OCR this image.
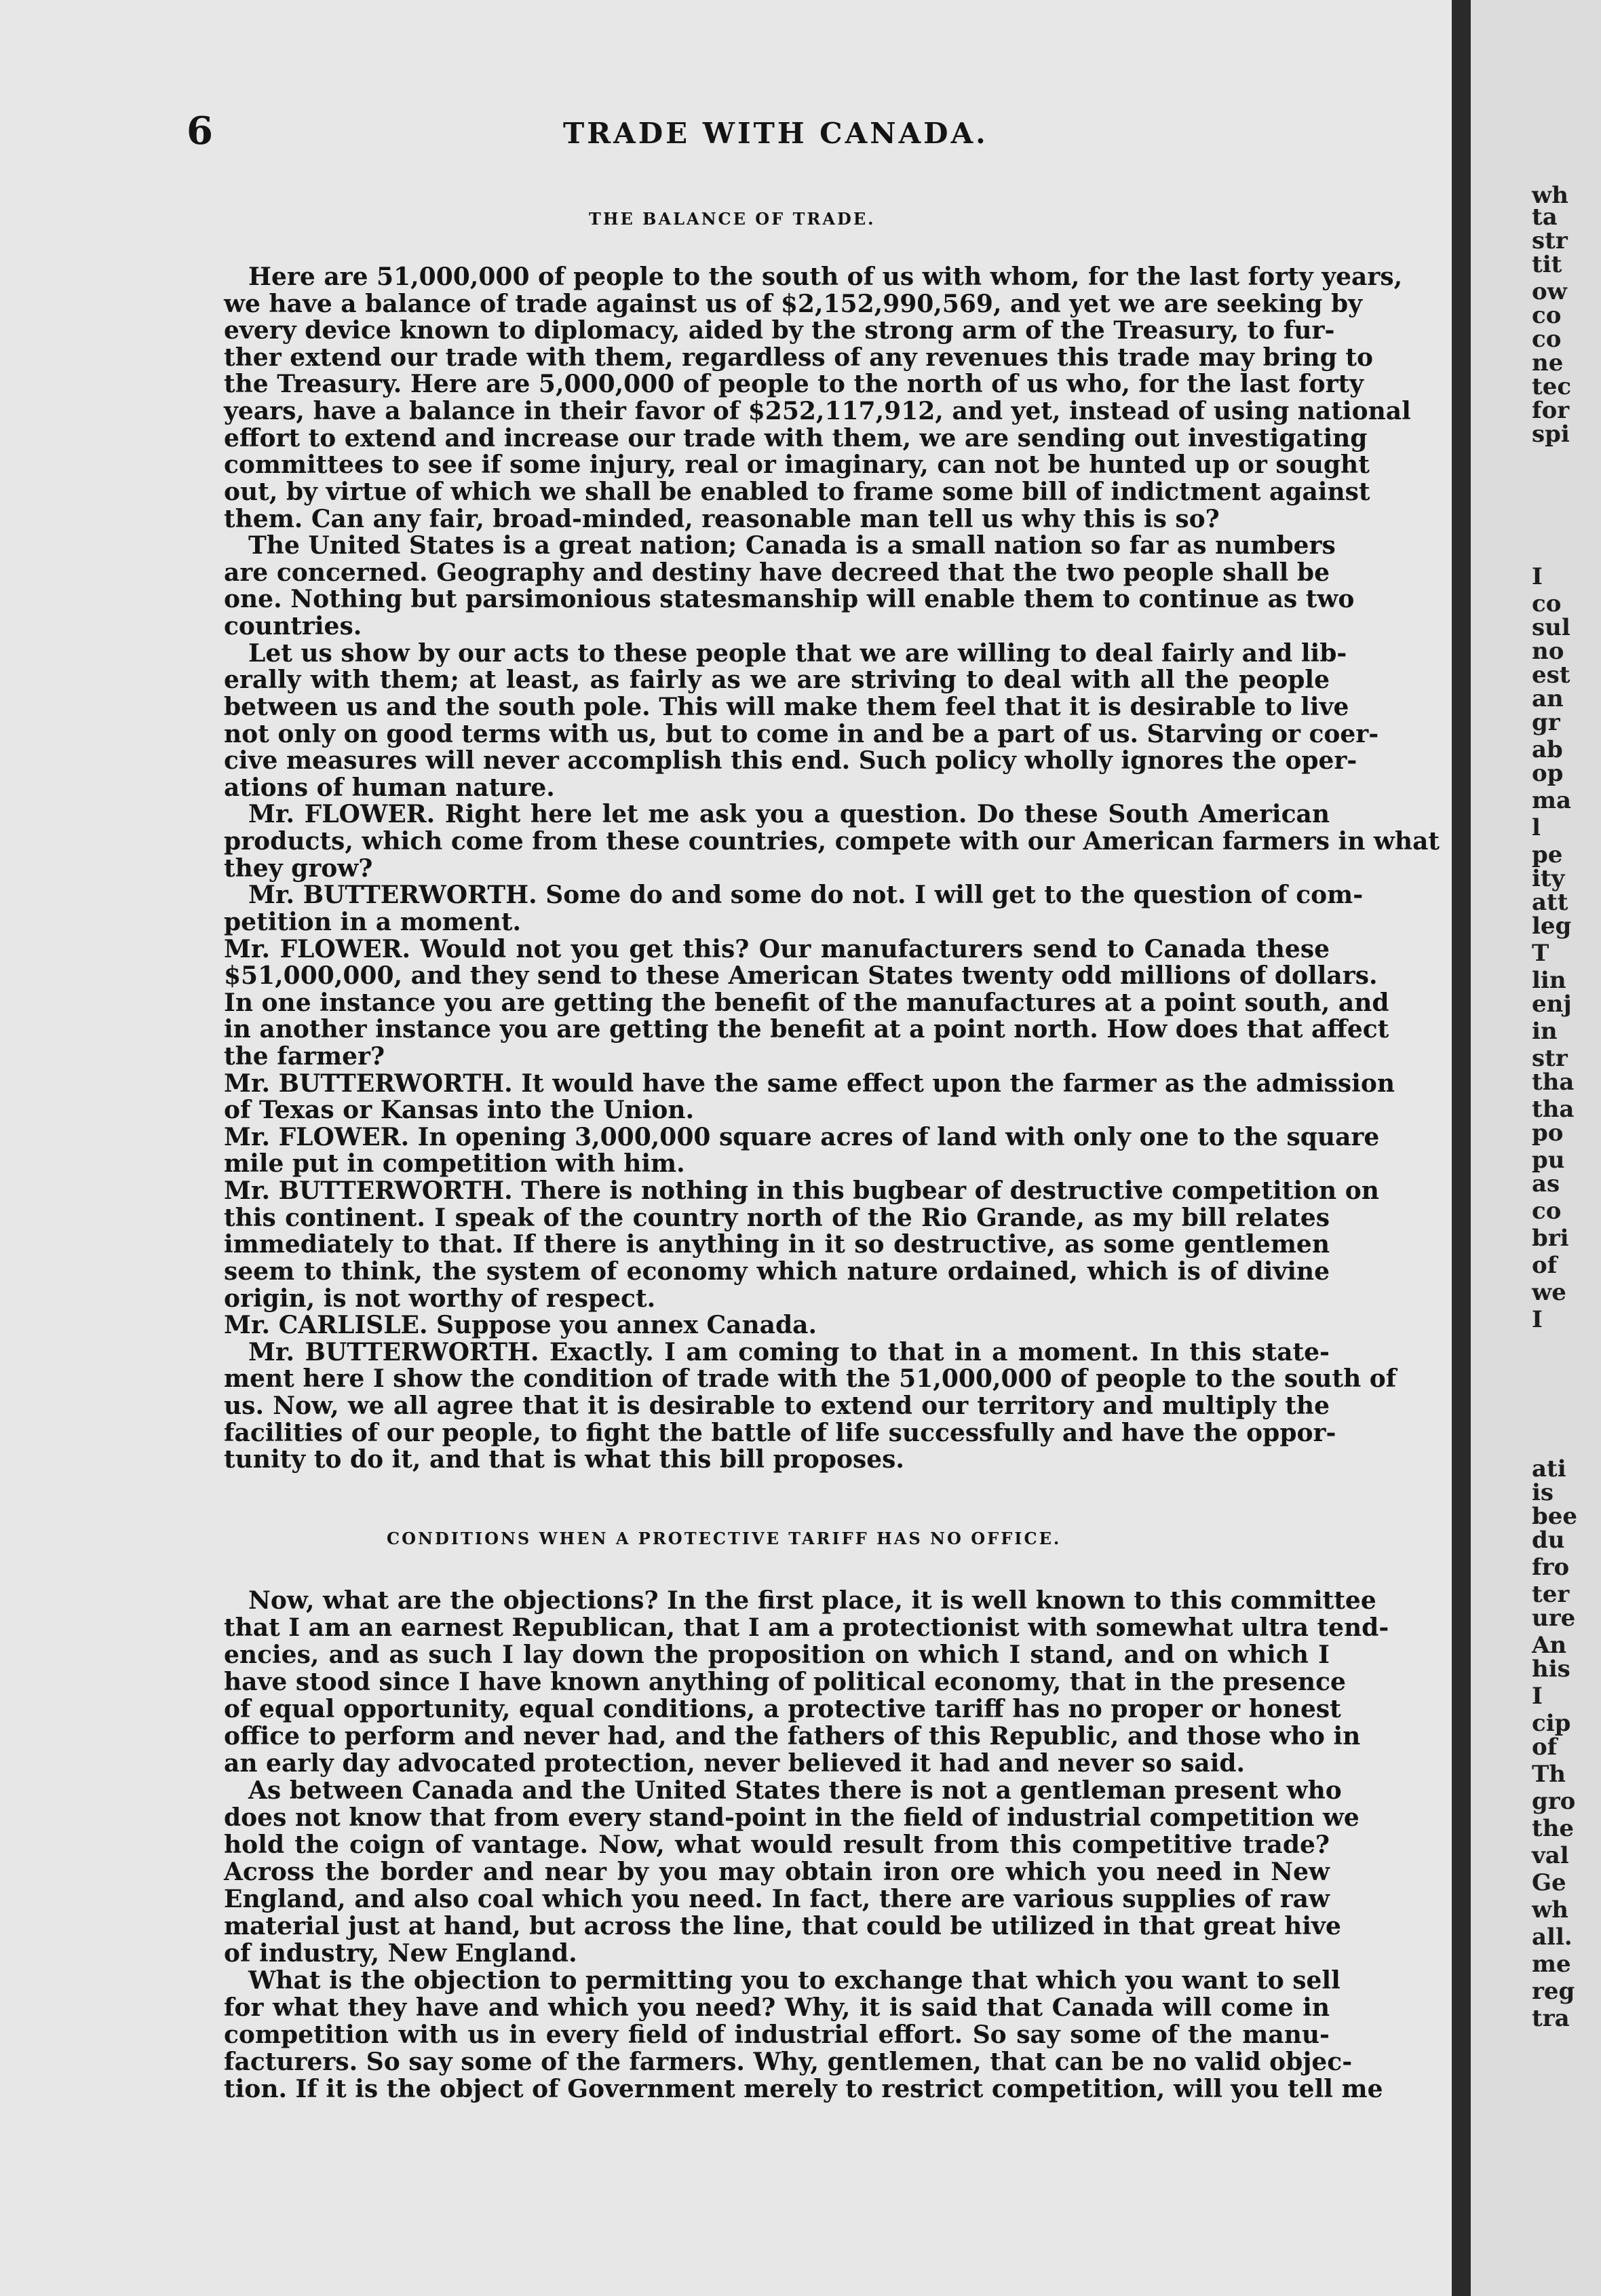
6	TRADE WITH CANADA.
THE BALANCE OF TRADE.
Here are 51,000,000 of people to the south of us with whom, for the last forty years,
we have a balance of trade against us of $2,152,990,569, and yet we are seeking by
every device known to diplomacy, aided by the strong arm of the Treasury, to fur-
ther extend our trade with them, regardless of any revenues this trade may bring to
the Treasury. Here are 5,000,000 of people to the north of us who, for the last forty
years, have a balance in their favor of $252,117,912, and yet, instead of using national
effort to extend and increase our trade with them, we are sending out investigating
committees to see if some injury, real or imaginary, can not be hunted up or sought
out, by virtue of which we shall be enabled to frame some bill of indictment against
them. Can any fair, broad-minded, reasonable man tell us why this is so?
The United States is a great nation; Canada is a small nation so far as numbers
are concerned. Geography and destiny have decreed that the two people shall be
one. Nothing but parsimonious statesmanship will enable them to continue as two
countries.
Let us show by our acts to these people that we are willing to deal fairly and lib-
erally with them; at least, as fairly as we are striving to deal with all the people
between us and the south pole. This will make them feel that it is desirable to live
not only on good terms with us, but to come in and be a part of us. Starving or coer-
cive measures will never accomplish this end. Such policy wholly ignores the oper-
ations of human nature.
Mr. FLOWER. Right here let me ask you a question. Do these South American
products, which come from these countries, compete with our American farmers in what
they grow?
Mr. BUTTERWORTH. Some do and some do not. I will get to the question of com-
petition in a moment.
Mr. FLOWER. Would not you get this? Our manufacturers send to Canada these
$51,000,000, and they send to these American States twenty odd millions of dollars.
In one instance you are getting the benefit of the manufactures at a point south, and
in another instance you are getting the benefit at a point north. How does that affect
the farmer?
Mr. BUTTERWORTH. It would have the same effect upon the farmer as the admission
of Texas or Kansas into the Union.
Mr. FLOWER. In opening 3,000,000 square acres of land with only one to the square
mile put in competition with him.
Mr. BUTTERWORTH. There is nothing in this bugbear of destructive competition on
this continent. I speak of the country north of the Rio Grande, as my bill relates
immediately to that. If there is anything in it so destructive, as some gentlemen
seem to think, the system of economy which nature ordained, which is of divine
origin, is not worthy of respect.
Mr. CARLISLE. Suppose you annex Canada.
Mr. BUTTERWORTH. Exactly. I am coming to that in a moment. In this state-
ment here I show the condition of trade with the 51,000,000 of people to the south of
us. Now, we all agree that it is desirable to extend our territory and multiply the
facilities of our people, to fight the battle of life successfully and have the oppor-
tunity to do it, and that is what this bill proposes.
CONDITIONS WHEN A PROTECTIVE TARIFF HAS NO OFFICE.
Now, what are the objections? In the first place, it is well known to this committee
that I am an earnest Republican, that I am a protectionist with somewhat ultra tend-
encies, and as such I lay down the proposition on which I stand, and on which I
have stood since I have known anything of political economy, that in the presence
of equal opportunity, equal conditions, a protective tariff has no proper or honest
office to perform and never had, and the fathers of this Republic, and those who in
an early day advocated protection, never believed it had and never so said.
As between Canada and the United States there is not a gentleman present who
does not know that from every stand-point in the field of industrial competition we
hold the coign of vantage. Now, what would result from this competitive trade?
Across the border and near by you may obtain iron ore which you need in New
England, and also coal which you need. In fact, there are various supplies of raw
material just at hand, but across the line, that could be utilized in that great hive
of industry, New England.
What is the objection to permitting you to exchange that which you want to sell
for what they have and which you need? Why, it is said that Canada will come in
competition with us in every field of industrial effort. So say some of the manu-
facturers. So say some of the farmers. Why, gentlemen, that can be no valid objec-
tion. If it is the object of Government merely to restrict competition, will you tell me
wh
ta
str
tit
ow
co
co
ne
tec
for
spi
I
co
sul
no
est
an
gr
ab
op
ma
l
pe
ity
att
leg
T
lin
enj
in
str
tha
tha
po
pu
as
co
bri
of
we
I
ati
is
bee
du
fro
ter
ure
An
his
I
cip
of
Th
gro
the
val
Ge
wh
all.
me
reg
tra
